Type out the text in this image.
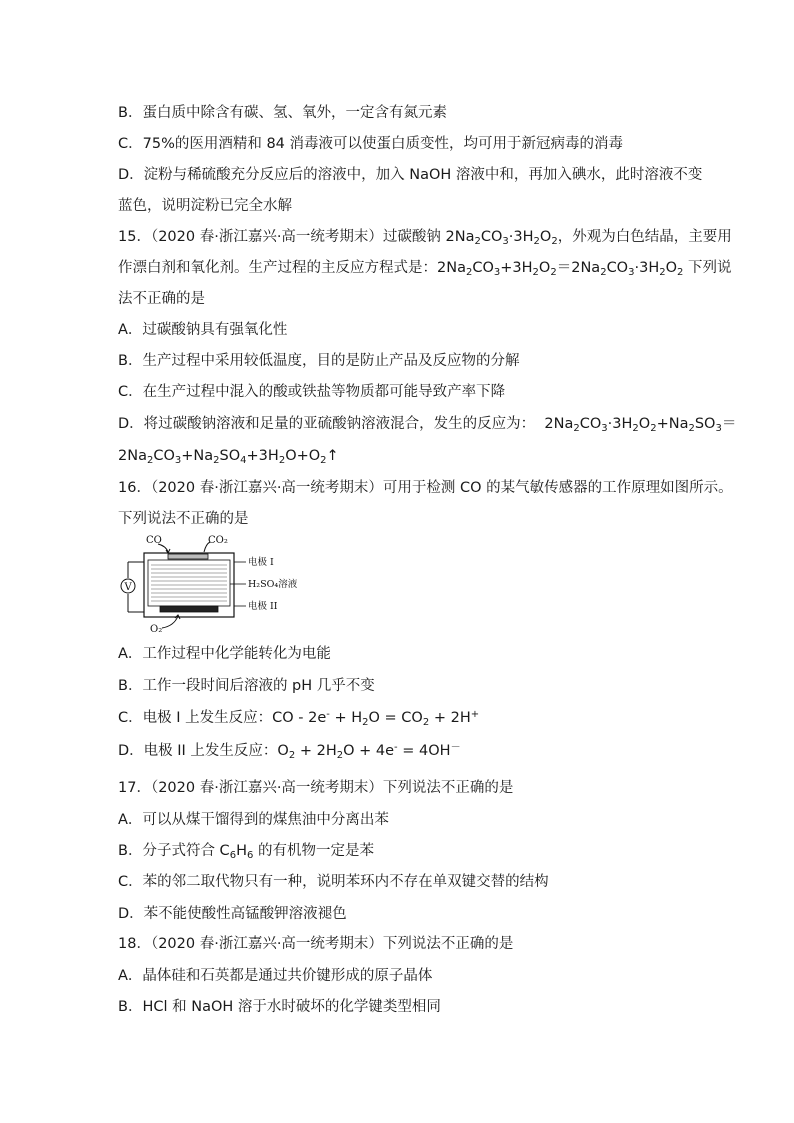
B．蛋白质中除含有碳、氢、氧外，一定含有氮元素
C．75%的医用酒精和 84 消毒液可以使蛋白质变性，均可用于新冠病毒的消毒
D．淀粉与稀硫酸充分反应后的溶液中，加入 NaOH 溶液中和，再加入碘水，此时溶液不变
蓝色，说明淀粉已完全水解
15．（2020 春·浙江嘉兴·高一统考期末）过碳酸钠 $2Na_2CO_3\cdot 3H_2O_2$，外观为白色结晶，主要用
作漂白剂和氧化剂。生产过程的主反应方程式是：$2Na_2CO_3+3H_2O_2=2Na_2CO_3\cdot 3H_2O_2$ 下列说
法不正确的是
A．过碳酸钠具有强氧化性
B．生产过程中采用较低温度，目的是防止产品及反应物的分解
C．在生产过程中混入的酸或铁盐等物质都可能导致产率下降
D．将过碳酸钠溶液和足量的亚硫酸钠溶液混合，发生的反应为：  $2Na_2CO_3\cdot 3H_2O_2+Na_2SO_3=$
$2Na_2CO_3+Na_2SO_4+3H_2O+O_2↑$
16．（2020 春·浙江嘉兴·高一统考期末）可用于检测 CO 的某气敏传感器的工作原理如图所示。
下列说法不正确的是
CO	CO₂
V
电极 I
H₂SO₄溶液
电极 II
O₂
A．工作过程中化学能转化为电能
B．工作一段时间后溶液的 pH 几乎不变
C．电极 I 上发生反应：CO - $2e^- + H_2O = CO_2 + 2H^+$
D．电极 II 上发生反应：$O_2 + 2H_2O + 4e^- = 4OH^-$
17．（2020 春·浙江嘉兴·高一统考期末）下列说法不正确的是
A．可以从煤干馏得到的煤焦油中分离出苯
B．分子式符合 $C_6H_6$ 的有机物一定是苯
C．苯的邻二取代物只有一种，说明苯环内不存在单双键交替的结构
D．苯不能使酸性高锰酸钾溶液褪色
18．（2020 春·浙江嘉兴·高一统考期末）下列说法不正确的是
A．晶体硅和石英都是通过共价键形成的原子晶体
B．HCl 和 NaOH 溶于水时破坏的化学键类型相同
